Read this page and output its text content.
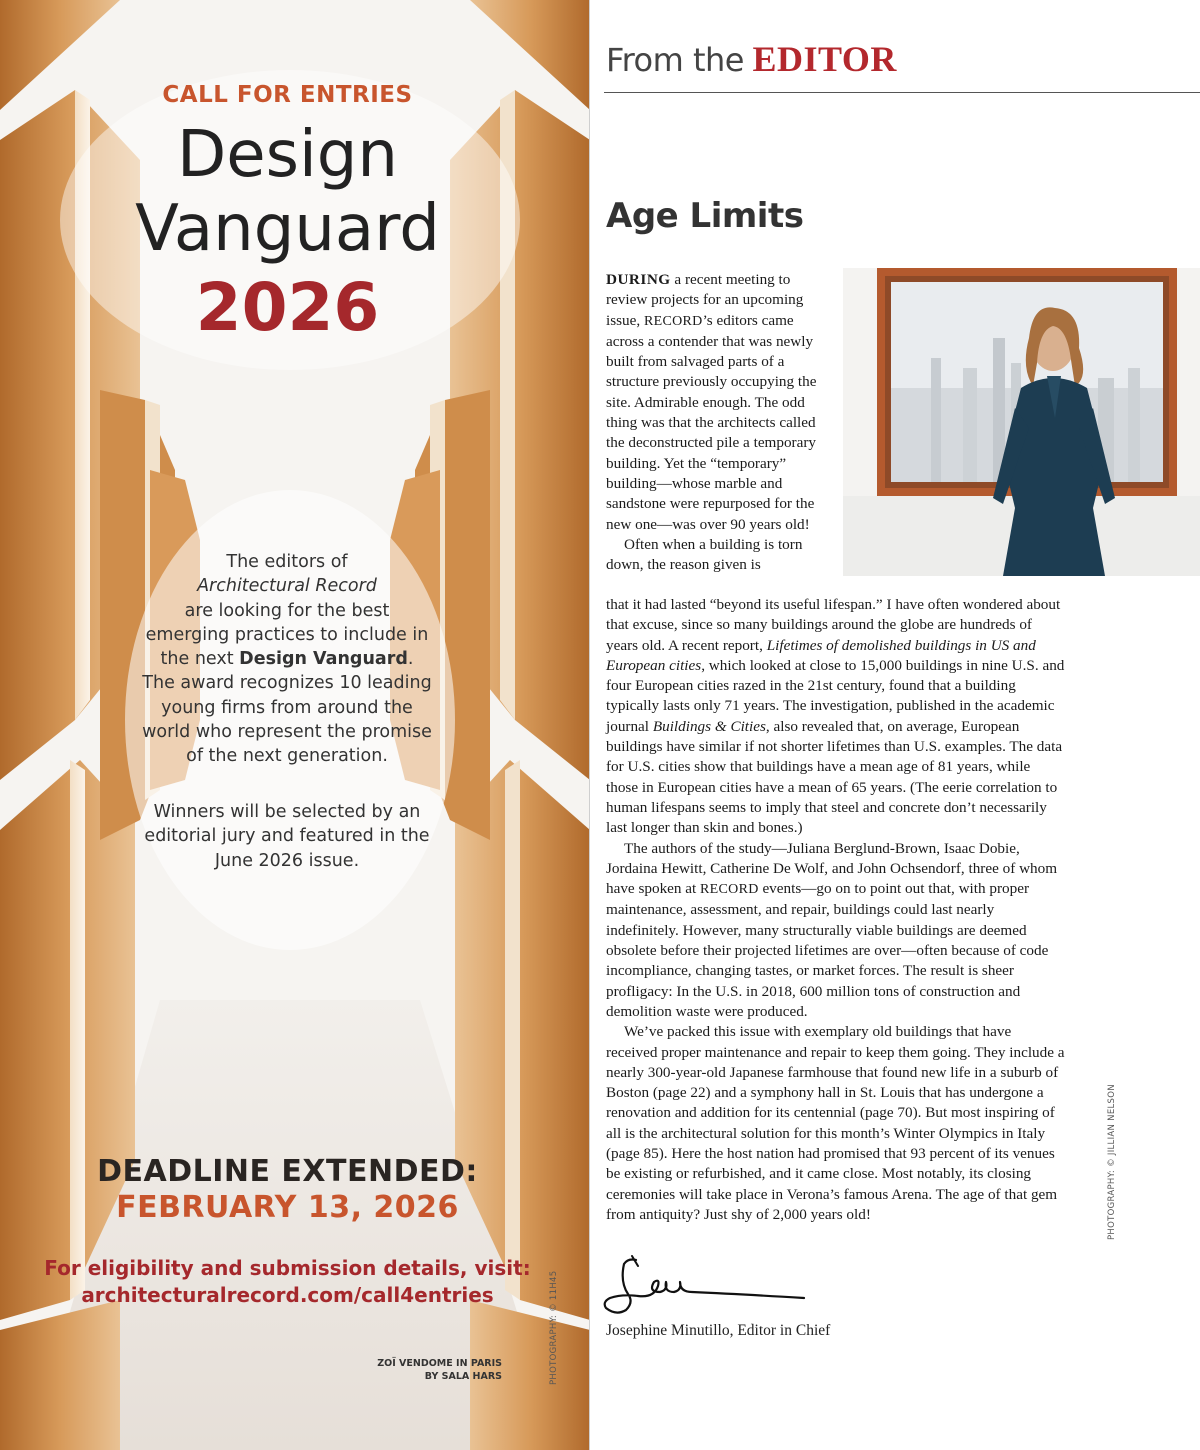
CALL FOR ENTRIES
Design
Vanguard
2026
The editors of
Architectural Record
are looking for the best emerging practices to include in the next Design Vanguard. The award recognizes 10 leading young firms from around the world who represent the promise of the next generation.
Winners will be selected by an editorial jury and featured in the June 2026 issue.
DEADLINE EXTENDED:
FEBRUARY 13, 2026
For eligibility and submission details, visit:
architecturalrecord.com/call4entries
ZOÏ VENDOME IN PARIS
BY SALA HARS	PHOTOGRAPHY: © 11H45
From the EDITOR
Age Limits
PHOTOGRAPHY: © JILLIAN NELSON

DURING a recent meeting to review projects for an upcoming issue, RECORD’s editors came across a contender that was newly built from salvaged parts of a structure previously occupying the site. Admirable enough. The odd thing was that the architects called the deconstructed pile a temporary building. Yet the “temporary” building—whose marble and sandstone were repurposed for the new one—was over 90 years old!

Often when a building is torn down, the reason given is

that it had lasted “beyond its useful lifespan.” I have often wondered about that excuse, since so many buildings around the globe are hundreds of years old. A recent report, Lifetimes of demolished buildings in US and European cities, which looked at close to 15,000 buildings in nine U.S. and four European cities razed in the 21st century, found that a building typically lasts only 71 years. The investigation, published in the academic journal Buildings & Cities, also revealed that, on average, European buildings have similar if not shorter lifetimes than U.S. examples. The data for U.S. cities show that buildings have a mean age of 81 years, while those in European cities have a mean of 65 years. (The eerie correlation to human lifespans seems to imply that steel and concrete don’t necessarily last longer than skin and bones.)

The authors of the study—Juliana Berglund-Brown, Isaac Dobie, Jordaina Hewitt, Catherine De Wolf, and John Ochsendorf, three of whom have spoken at RECORD events—go on to point out that, with proper maintenance, assessment, and repair, buildings could last nearly indefinitely. However, many structurally viable buildings are deemed obsolete before their projected lifetimes are over—often because of code incompliance, changing tastes, or market forces. The result is sheer profligacy: In the U.S. in 2018, 600 million tons of construction and demolition waste were produced.

We’ve packed this issue with exemplary old buildings that have received proper maintenance and repair to keep them going. They include a nearly 300-year-old Japanese farmhouse that found new life in a suburb of Boston (page 22) and a symphony hall in St. Louis that has undergone a renovation and addition for its centennial (page 70). But most inspiring of all is the architectural solution for this month’s Winter Olympics in Italy (page 85). Here the host nation had promised that 93 percent of its venues be existing or refurbished, and it came close. Most notably, its closing ceremonies will take place in Verona’s famous Arena. The age of that gem from antiquity? Just shy of 2,000 years old!

Josephine Minutillo, Editor in Chief
